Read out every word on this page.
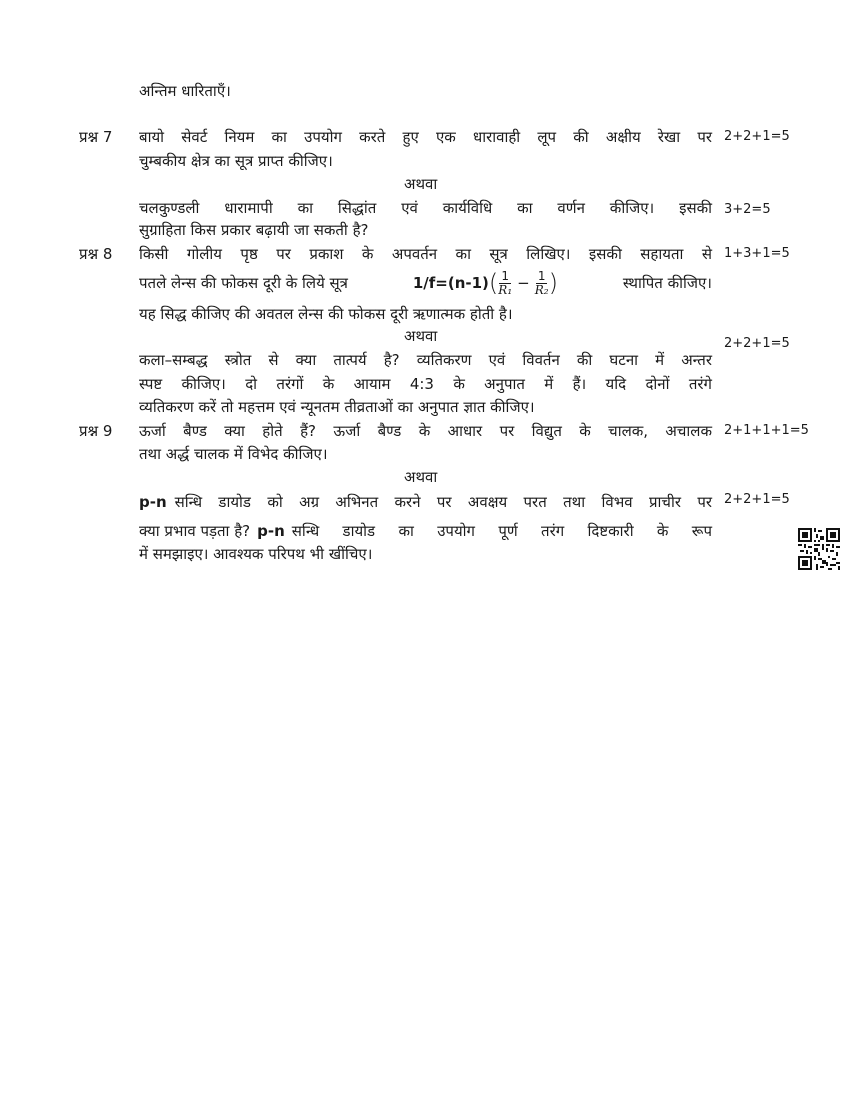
अन्तिम धारिताएँ।
प्रश्न 7 बायो सेवर्ट नियम का उपयोग करते हुए एक धारावाही लूप की अक्षीय रेखा पर 2+2+1=5
चुम्बकीय क्षेत्र का सूत्र प्राप्त कीजिए।
अथवा
चलकुण्डली धारामापी का सिद्धांत एवं कार्यविधि का वर्णन कीजिए। इसकी 3+2=5
सुग्राहिता किस प्रकार बढ़ायी जा सकती है?
प्रश्न 8 किसी गोलीय पृष्ठ पर प्रकाश के अपवर्तन का सूत्र लिखिए। इसकी सहायता से 1+3+1=5
पतले लेन्स की फोकस दूरी के लिये सूत्र	1/f=(n-1) ( $\frac{1}{\text{R₁}} - \frac{1}{\text{R₂}}$ )	स्थापित कीजिए।
यह सिद्ध कीजिए की अवतल लेन्स की फोकस दूरी ऋणात्मक होती है।
अथवा	2+2+1=5
कला–सम्बद्ध स्त्रोत से क्या तात्पर्य है? व्यतिकरण एवं विवर्तन की घटना में अन्तर
स्पष्ट कीजिए। दो तरंगों के आयाम 4:3 के अनुपात में हैं। यदि दोनों तरंगे
व्यतिकरण करें तो महत्तम एवं न्यूनतम तीव्रताओं का अनुपात ज्ञात कीजिए।
प्रश्न 9 ऊर्जा बैण्ड क्या होते हैं? ऊर्जा बैण्ड के आधार पर विद्युत के चालक, अचालक 2+1+1+1=5
तथा अर्द्ध चालक में विभेद कीजिए।
अथवा
p-n सन्धि डायोड को अग्र अभिनत करने पर अवक्षय परत तथा विभव प्राचीर पर 2+2+1=5
क्या प्रभाव पड़ता है? p-n सन्धि डायोड का उपयोग पूर्ण तरंग दिष्टकारी के रूप
में समझाइए। आवश्यक परिपथ भी खींचिए।
